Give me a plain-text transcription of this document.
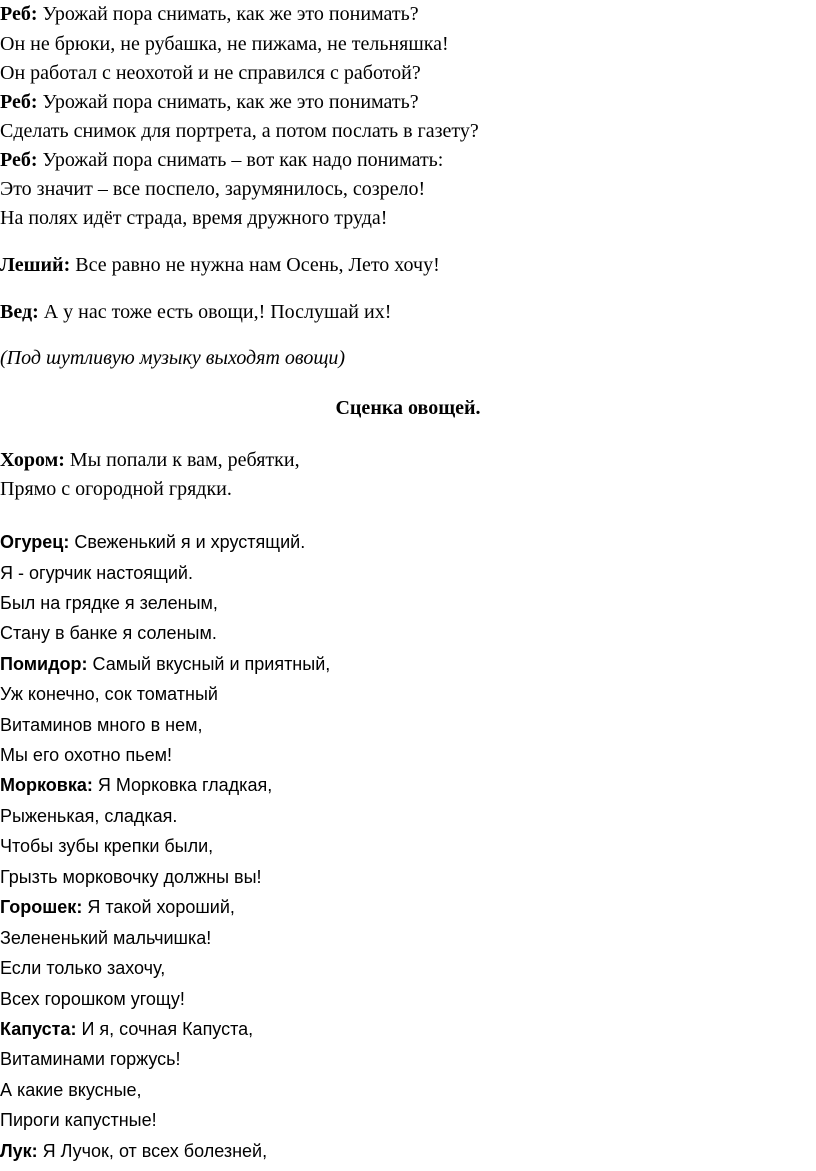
Реб: Урожай пора снимать, как же это понимать?
Он не брюки, не рубашка, не пижама, не тельняшка!
Он работал с неохотой и не справился с работой?
Реб: Урожай пора снимать, как же это понимать?
Сделать снимок для портрета, а потом послать в газету?
Реб: Урожай пора снимать – вот как надо понимать:
Это значит – все поспело, зарумянилось, созрело!
На полях идёт страда, время дружного труда!
Леший: Все равно не нужна нам Осень, Лето хочу!
Вед: А у нас тоже есть овощи,! Послушай их!
(Под шутливую музыку выходят овощи)
Сценка овощей.
Хором: Мы попали к вам, ребятки,
Прямо с огородной грядки.
Огурец: Свеженький я и хрустящий.
Я - огурчик настоящий.
Был на грядке я зеленым,
Стану в банке я соленым.
Помидор: Самый вкусный и приятный,
Уж конечно, сок томатный
Витаминов много в нем,
Мы его охотно пьем!
Морковка: Я Морковка гладкая,
Рыженькая, сладкая.
Чтобы зубы крепки были,
Грызть морковочку должны вы!
Горошек: Я такой хороший,
Зелененький мальчишка!
Если только захочу,
Всех горошком угощу!
Капуста: И я, сочная Капуста,
Витаминами горжусь!
А какие вкусные,
Пироги капустные!
Лук: Я Лучок, от всех болезней,
